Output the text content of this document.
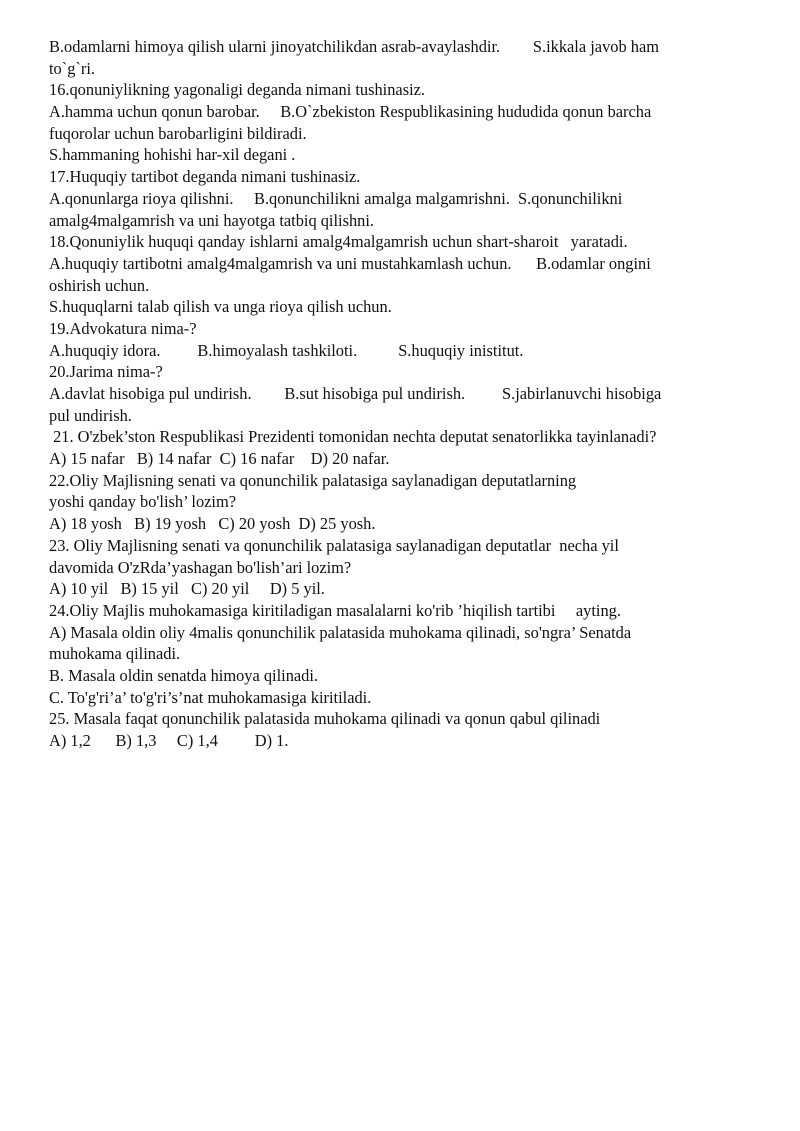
B.odamlarni himoya qilish ularni jinoyatchilikdan asrab-avaylashdir.        S.ikkala javob ham
to`g`ri.
16.qonuniylikning yagonaligi deganda nimani tushinasiz.
A.hamma uchun qonun barobar.     B.O`zbekiston Respublikasining hududida qonun barcha
fuqorolar uchun barobarligini bildiradi.
S.hammaning hohishi har-xil degani .
17.Huquqiy tartibot deganda nimani tushinasiz.
A.qonunlarga rioya qilishni.     B.qonunchilikni amalga malgamrishni.  S.qonunchilikni
amalg4malgamrish va uni hayotga tatbiq qilishni.
18.Qonuniylik huquqi qanday ishlarni amalg4malgamrish uchun shart-sharoit   yaratadi.
A.huquqiy tartibotni amalg4malgamrish va uni mustahkamlash uchun.      B.odamlar ongini
oshirish uchun.
S.huquqlarni talab qilish va unga rioya qilish uchun.
19.Advokatura nima-?
A.huquqiy idora.         B.himoyalash tashkiloti.          S.huquqiy inistitut.
20.Jarima nima-?
A.davlat hisobiga pul undirish.        B.sut hisobiga pul undirish.         S.jabirlanuvchi hisobiga
pul undirish.
21. O'zbek’ston Respublikasi Prezidenti tomonidan nechta deputat senatorlikka tayinlanadi?
A) 15 nafar   B) 14 nafar  C) 16 nafar    D) 20 nafar.
22.Oliy Majlisning senati va qonunchilik palatasiga saylanadigan deputatlarning
yoshi qanday bo'lish’ lozim?
A) 18 yosh   B) 19 yosh   C) 20 yosh  D) 25 yosh.
23. Oliy Majlisning senati va qonunchilik palatasiga saylanadigan deputatlar  necha yil
davomida O'zRda’yashagan bo'lish’ari lozim?
A) 10 yil   B) 15 yil   C) 20 yil     D) 5 yil.
24.Oliy Majlis muhokamasiga kiritiladigan masalalarni ko'rib ’hiqilish tartibi     ayting.
A) Masala oldin oliy 4malis qonunchilik palatasida muhokama qilinadi, so'ngra’ Senatda
muhokama qilinadi.
B. Masala oldin senatda himoya qilinadi.
C. To'g'ri’a’ to'g'ri’s’nat muhokamasiga kiritiladi.
25. Masala faqat qonunchilik palatasida muhokama qilinadi va qonun qabul qilinadi
A) 1,2      B) 1,3     C) 1,4         D) 1.
